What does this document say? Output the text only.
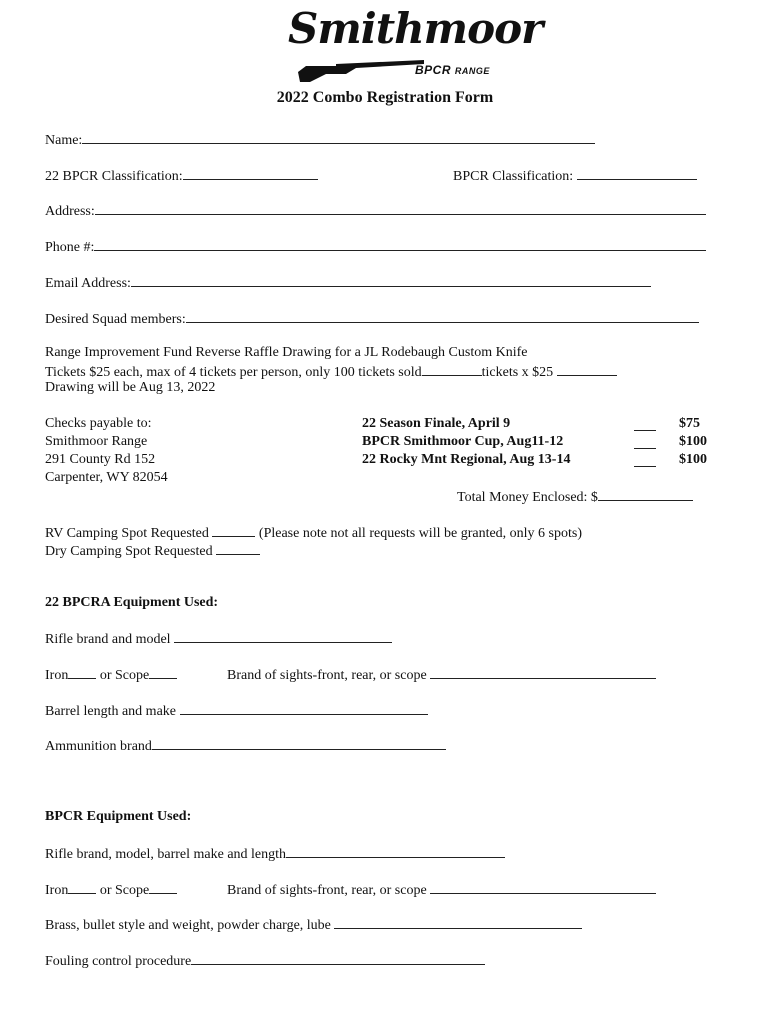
Smithmoor
BPCR RANGE
2022 Combo Registration Form
Name:
22 BPCR Classification:	BPCR Classification:
Address:
Phone #:
Email Address:
Desired Squad members:
Range Improvement Fund Reverse Raffle Drawing for a JL Rodebaugh Custom Knife
Tickets $25 each, max of 4 tickets per person, only 100 tickets sold	tickets x $25
Drawing will be Aug 13, 2022
Checks payable to:
Smithmoor Range
291 County Rd 152
Carpenter, WY 82054
22 Season Finale, April 9	$75
BPCR Smithmoor Cup, Aug11-12	$100
22 Rocky Mnt Regional, Aug 13-14	$100
Total Money Enclosed: $
RV Camping Spot Requested	(Please note not all requests will be granted, only 6 spots)
Dry Camping Spot Requested
22 BPCRA Equipment Used:
Rifle brand and model
Iron or Scope	Brand of sights-front, rear, or scope
Barrel length and make
Ammunition brand
BPCR Equipment Used:
Rifle brand, model, barrel make and length
Iron or Scope	Brand of sights-front, rear, or scope
Brass, bullet style and weight, powder charge, lube
Fouling control procedure
